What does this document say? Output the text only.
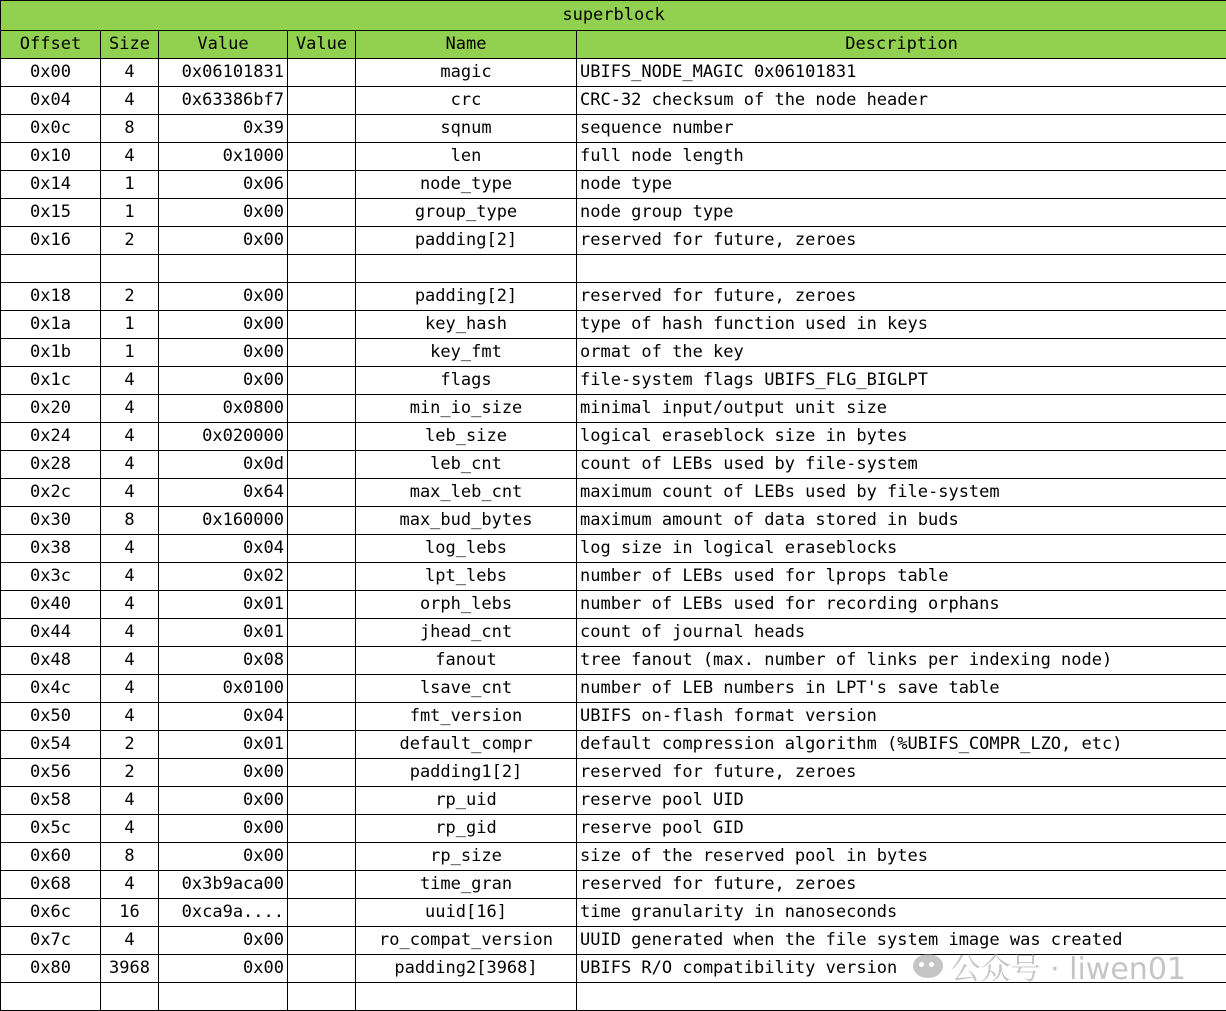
superblock					
Offset	Size	Value	Value	Name	Description
0x00	4	0x06101831		magic	UBIFS_NODE_MAGIC 0x06101831
0x04	4	0x63386bf7		crc	CRC-32 checksum of the node header
0x0c	8	0x39		sqnum	sequence number
0x10	4	0x1000		len	full node length
0x14	1	0x06		node_type	node type
0x15	1	0x00		group_type	node group type
0x16	2	0x00		padding[2]	reserved for future, zeroes

0x18	2	0x00		padding[2]	reserved for future, zeroes
0x1a	1	0x00		key_hash	type of hash function used in keys
0x1b	1	0x00		key_fmt	ormat of the key
0x1c	4	0x00		flags	file-system flags UBIFS_FLG_BIGLPT
0x20	4	0x0800		min_io_size	minimal input/output unit size
0x24	4	0x020000		leb_size	logical eraseblock size in bytes
0x28	4	0x0d		leb_cnt	count of LEBs used by file-system
0x2c	4	0x64		max_leb_cnt	maximum count of LEBs used by file-system
0x30	8	0x160000		max_bud_bytes	maximum amount of data stored in buds
0x38	4	0x04		log_lebs	log size in logical eraseblocks
0x3c	4	0x02		lpt_lebs	number of LEBs used for lprops table
0x40	4	0x01		orph_lebs	number of LEBs used for recording orphans
0x44	4	0x01		jhead_cnt	count of journal heads
0x48	4	0x08		fanout	tree fanout (max. number of links per indexing node)
0x4c	4	0x0100		lsave_cnt	number of LEB numbers in LPT's save table
0x50	4	0x04		fmt_version	UBIFS on-flash format version
0x54	2	0x01		default_compr	default compression algorithm (%UBIFS_COMPR_LZO, etc)
0x56	2	0x00		padding1[2]	reserved for future, zeroes
0x58	4	0x00		rp_uid	reserve pool UID
0x5c	4	0x00		rp_gid	reserve pool GID
0x60	8	0x00		rp_size	size of the reserved pool in bytes
0x68	4	0x3b9aca00		time_gran	reserved for future, zeroes
0x6c	16	0xca9a....		uuid[16]	time granularity in nanoseconds
0x7c	4	0x00		ro_compat_version	UUID generated when the file system image was created
0x80	3968	0x00		padding2[3968]	UBIFS R/O compatibility version
					公众号 · liwen01
